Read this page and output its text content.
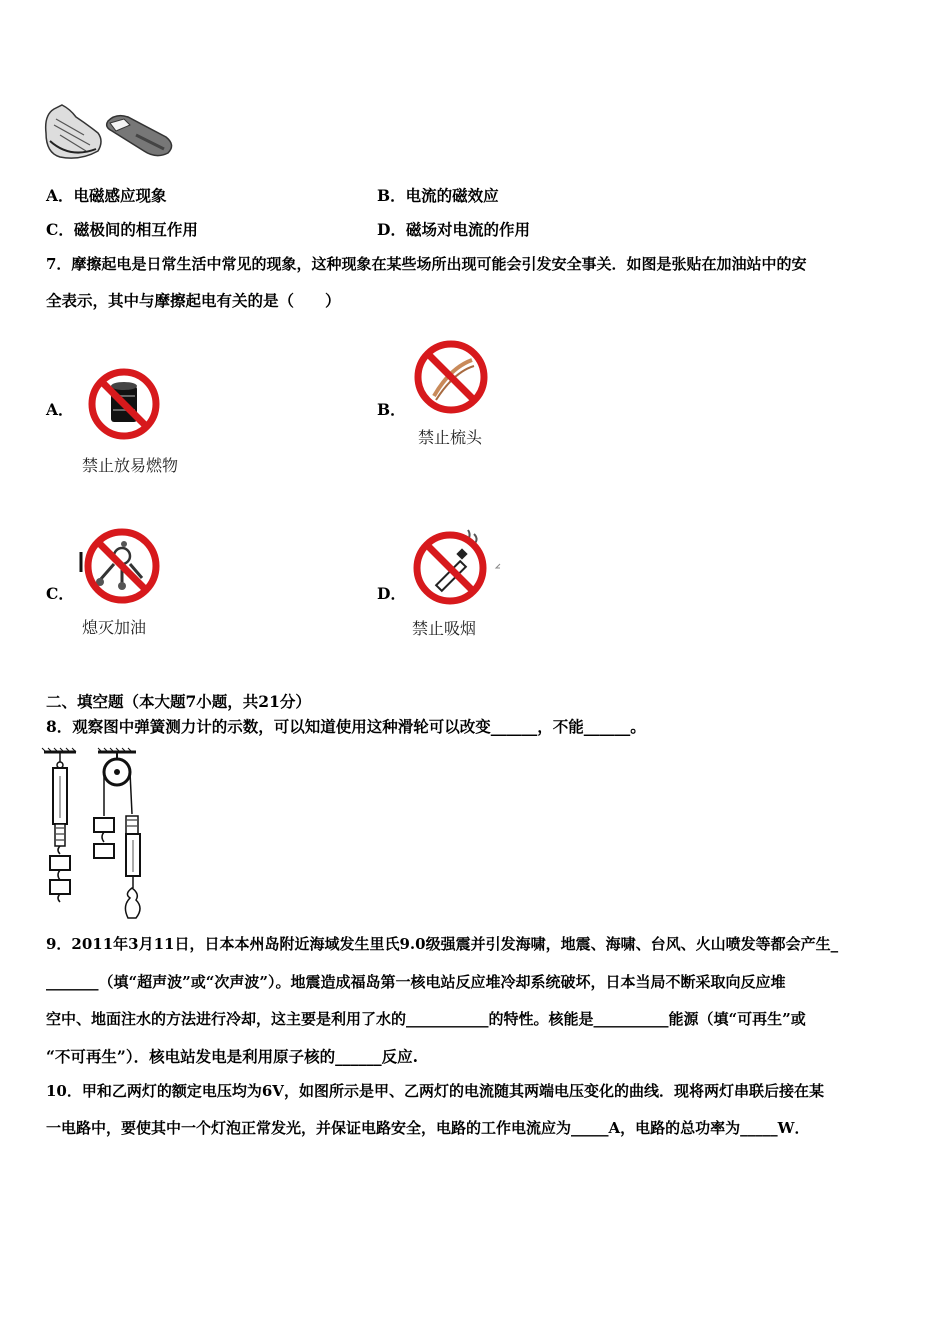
A．电磁感应现象	B．电流的磁效应
C．磁极间的相互作用	D．磁场对电流的作用
7．摩擦起电是日常生活中常见的现象，这种现象在某些场所出现可能会引发安全事关．如图是张贴在加油站中的安
全表示，其中与摩擦起电有关的是（　　）
A．
禁止放易燃物
B．
禁止梳头
C．
熄灭加油
D．
禁止吸烟
二、填空题（本大题7小题，共21分）
8．观察图中弹簧测力计的示数，可以知道使用这种滑轮可以改变______，不能______。
9．2011年3月11日，日本本州岛附近海域发生里氏9.0级强震并引发海啸，地震、海啸、台风、火山喷发等都会产生_
_______（填“超声波”或“次声波”）。地震造成福岛第一核电站反应堆冷却系统破坏，日本当局不断采取向反应堆
空中、地面注水的方法进行冷却，这主要是利用了水的___________的特性。核能是__________能源（填“可再生”或
“不可再生”）．核电站发电是利用原子核的______反应.
10．甲和乙两灯的额定电压均为6V，如图所示是甲、乙两灯的电流随其两端电压变化的曲线．现将两灯串联后接在某
一电路中，要使其中一个灯泡正常发光，并保证电路安全，电路的工作电流应为_____A，电路的总功率为_____W．
